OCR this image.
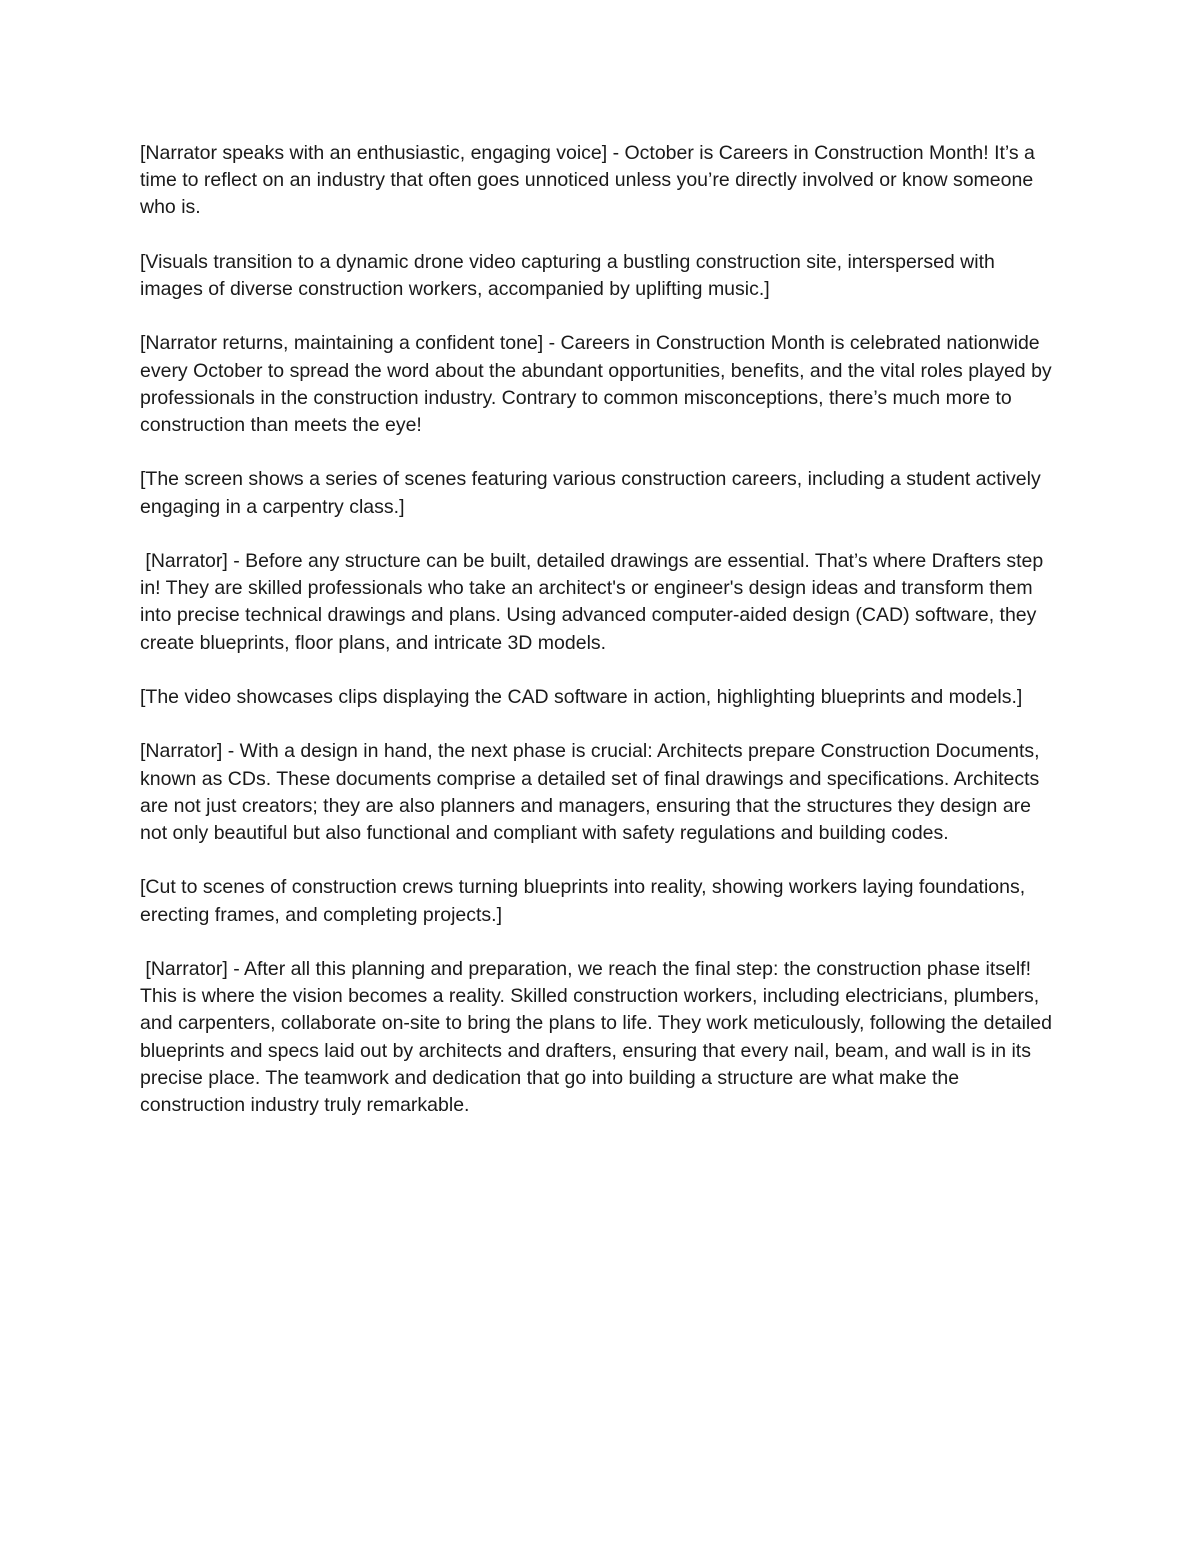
[Narrator speaks with an enthusiastic, engaging voice] - October is Careers in Construction Month! It’s a time to reflect on an industry that often goes unnoticed unless you’re directly involved or know someone who is.

[Visuals transition to a dynamic drone video capturing a bustling construction site, interspersed with images of diverse construction workers, accompanied by uplifting music.]

[Narrator returns, maintaining a confident tone] - Careers in Construction Month is celebrated nationwide every October to spread the word about the abundant opportunities, benefits, and the vital roles played by professionals in the construction industry. Contrary to common misconceptions, there’s much more to construction than meets the eye!

[The screen shows a series of scenes featuring various construction careers, including a student actively engaging in a carpentry class.]

[Narrator] - Before any structure can be built, detailed drawings are essential. That’s where Drafters step in! They are skilled professionals who take an architect's or engineer's design ideas and transform them into precise technical drawings and plans. Using advanced computer-aided design (CAD) software, they create blueprints, floor plans, and intricate 3D models.

[The video showcases clips displaying the CAD software in action, highlighting blueprints and models.]

[Narrator] - With a design in hand, the next phase is crucial: Architects prepare Construction Documents, known as CDs. These documents comprise a detailed set of final drawings and specifications. Architects are not just creators; they are also planners and managers, ensuring that the structures they design are not only beautiful but also functional and compliant with safety regulations and building codes.

[Cut to scenes of construction crews turning blueprints into reality, showing workers laying foundations, erecting frames, and completing projects.]

[Narrator] - After all this planning and preparation, we reach the final step: the construction phase itself! This is where the vision becomes a reality. Skilled construction workers, including electricians, plumbers, and carpenters, collaborate on-site to bring the plans to life. They work meticulously, following the detailed blueprints and specs laid out by architects and drafters, ensuring that every nail, beam, and wall is in its precise place. The teamwork and dedication that go into building a structure are what make the construction industry truly remarkable.
